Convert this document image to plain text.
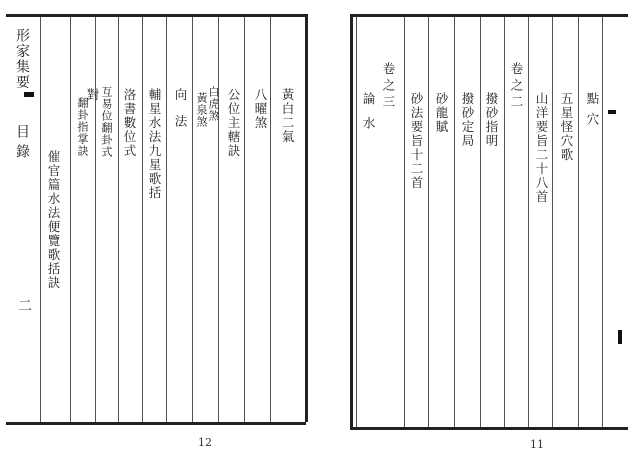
形家集要
目錄
二
黃白二氣
八曜煞
公位主轄訣
白虎煞
黃泉煞
向法
輔星水法九星歌括
洛書數位式
互易位翻卦式
對
翻卦指掌訣
催官篇水法便覽歌括訣
12
點穴
五星怪穴歌
山洋要旨二十八首
卷之二
撥砂指明
撥砂定局
砂龍賦
砂法要旨十二首
卷之三
論水
11
